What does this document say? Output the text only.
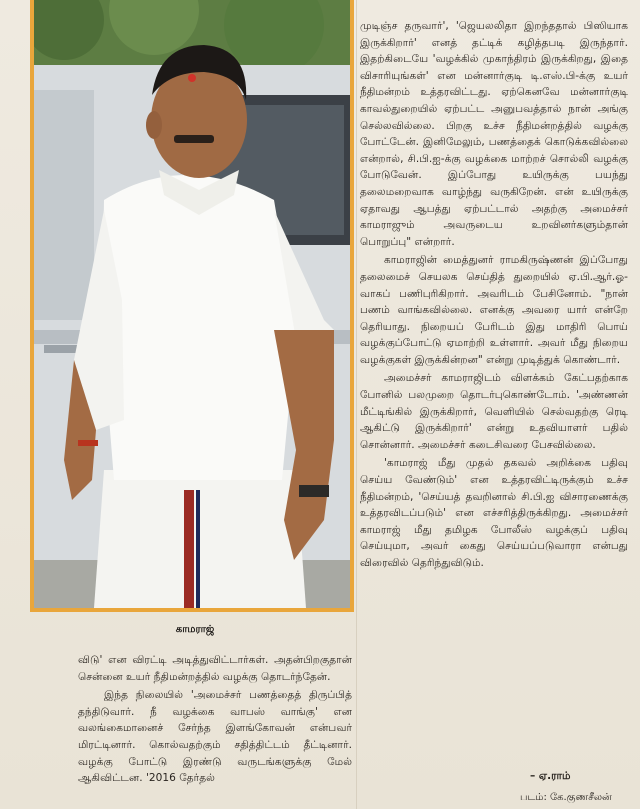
காமராஜ்

முடிஞ்ச தருவார்', 'ஜெயலலிதா இறந்ததால் பிஸியாக இருக்கிறார்' எனத் தட்டிக் கழித்தபடி இருந்தார். இதற்கிடையே 'வழக்கில் முகாந்திரம் இருக்கிறது, இதை விசாரியுங்கள்' என மன்னார்குடி டி.எஸ்.பி-க்கு உயர் நீதிமன்றம் உத்தரவிட்டது. ஏற்கெனவே மன்னார்குடி காவல்துறையில் ஏற்பட்ட அனுபவத்தால் நான் அங்கு செல்லவில்லை. பிறகு உச்ச நீதிமன்றத்தில் வழக்கு போட்டேன். இனிமேலும், பணத்தைக் கொடுக்கவில்லை என்றால், சி.பி.ஐ-க்கு வழக்கை மாற்றச் சொல்லி வழக்கு போடுவேன். இப்போது உயிருக்கு பயந்து தலைமறைவாக வாழ்ந்து வருகிறேன். என் உயிருக்கு ஏதாவது ஆபத்து ஏற்பட்டால் அதற்கு அமைச்சர் காமராஜும் அவருடைய உறவினர்களும்தான் பொறுப்பு" என்றார்.

காமராஜின் மைத்துனர் ராமகிருஷ்ணன் இப்போது தலைமைச் செயலக செய்தித் துறையில் ஏ.பி.ஆர்.ஓ-வாகப் பணிபுரிகிறார். அவரிடம் பேசினோம். "நான் பணம் வாங்கவில்லை. எனக்கு அவரை யார் என்றே தெரியாது. நிறையப் பேரிடம் இது மாதிரி பொய் வழக்குப்போட்டு ஏமாற்றி உள்ளார். அவர் மீது நிறைய வழக்குகள் இருக்கின்றன" என்று முடித்துக் கொண்டார்.

அமைச்சர் காமராஜிடம் விளக்கம் கேட்பதற்காக போனில் பலமுறை தொடர்புகொண்டோம். 'அண்ணன் மீட்டிங்கில் இருக்கிறார், வெளியில் செல்வதற்கு ரெடி ஆகிட்டு இருக்கிறார்' என்று உதவியாளர் பதில் சொன்னார். அமைச்சர் கடைசிவரை பேசவில்லை.

'காமராஜ் மீது முதல் தகவல் அறிக்கை பதிவு செய்ய வேண்டும்' என உத்தரவிட்டிருக்கும் உச்ச நீதிமன்றம், 'செய்யத் தவறினால் சி.பி.ஐ விசாரணைக்கு உத்தரவிடப்படும்' என எச்சரித்திருக்கிறது. அமைச்சர் காமராஜ் மீது தமிழக போலீஸ் வழக்குப் பதிவு செய்யுமா, அவர் கைது செய்யப்படுவாரா என்பது விரைவில் தெரிந்துவிடும்.

விடு' என விரட்டி அடித்துவிட்டார்கள். அதன்பிறகுதான் சென்னை உயர் நீதிமன்றத்தில் வழக்கு தொடர்ந்தேன்.

இந்த நிலையில் 'அமைச்சர் பணத்தைத் திருப்பித் தந்திடுவார். நீ வழக்கை வாபஸ் வாங்கு' என வலங்கைமானைச் சேர்ந்த இளங்கோவன் என்பவர் மிரட்டினார். கொல்வதற்கும் சதித்திட்டம் தீட்டினார். வழக்கு போட்டு இரண்டு வருடங்களுக்கு மேல் ஆகிவிட்டன. '2016 தேர்தல்	– ஏ.ராம்
படம்: கே.குணசீலன்
